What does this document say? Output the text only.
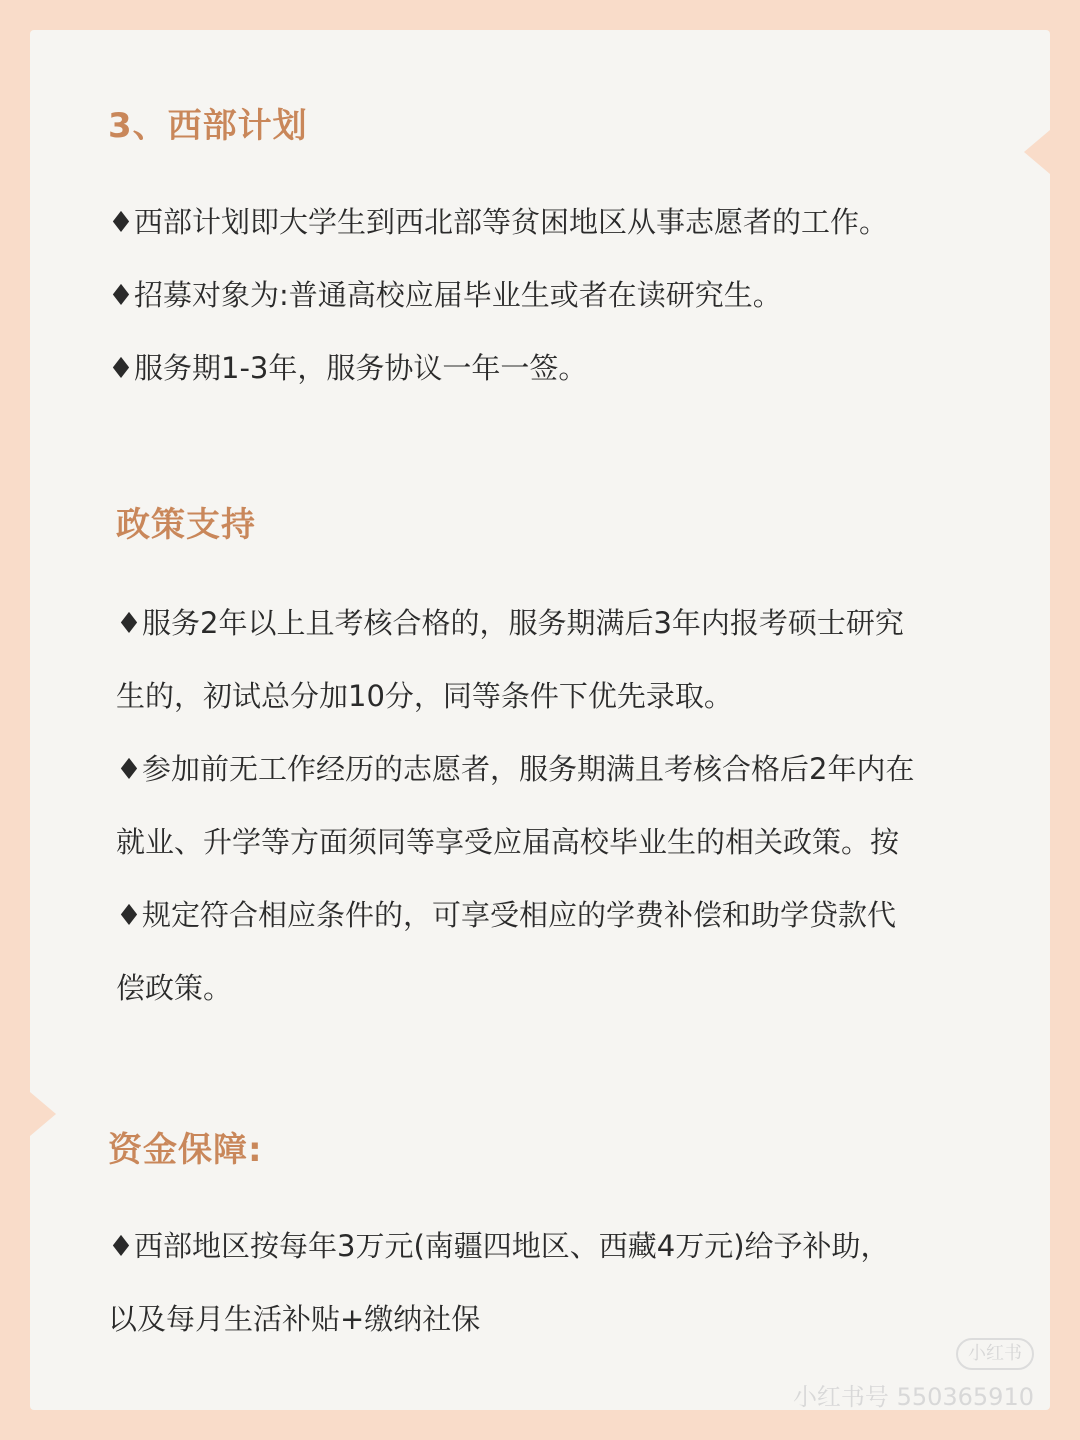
3、西部计划

♦西部计划即大学生到西北部等贫困地区从事志愿者的工作。

♦招募对象为:普通高校应届毕业生或者在读研究生。

♦服务期1-3年，服务协议一年一签。

政策支持

♦服务2年以上且考核合格的，服务期满后3年内报考硕士研究

生的，初试总分加10分，同等条件下优先录取。

♦参加前无工作经历的志愿者，服务期满且考核合格后2年内在

就业、升学等方面须同等享受应届高校毕业生的相关政策。按

♦规定符合相应条件的，可享受相应的学费补偿和助学贷款代

偿政策。

资金保障:

♦西部地区按每年3万元(南疆四地区、西藏4万元)给予补助，

以及每月生活补贴+缴纳社保

小红书
小红书号 550365910
